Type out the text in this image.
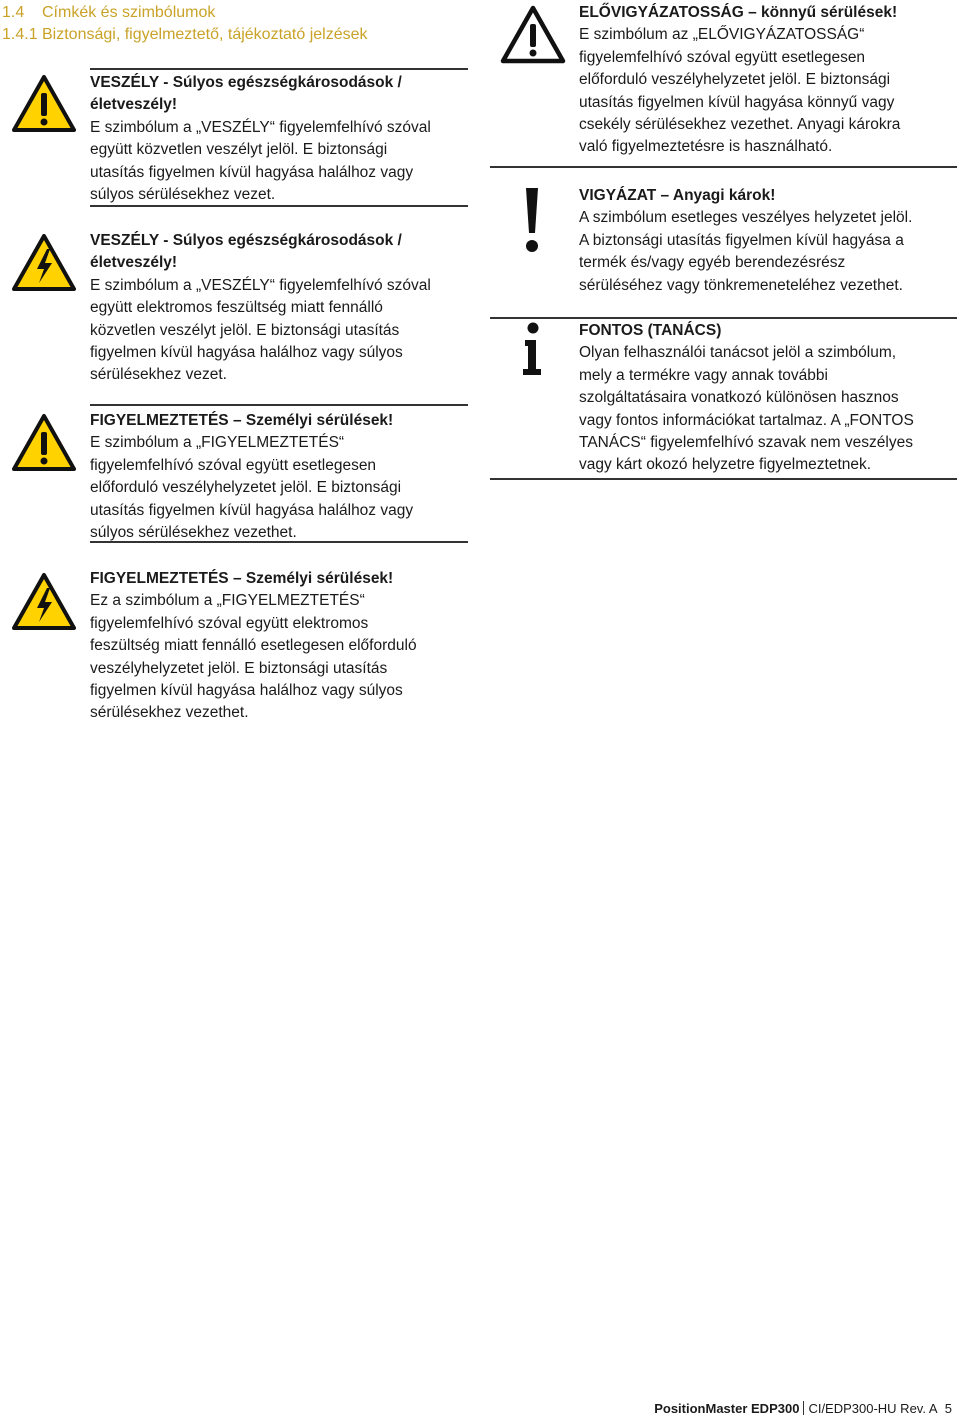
1.4 Címkék és szimbólumok
1.4.1 Biztonsági, figyelmeztető, tájékoztató jelzések
VESZÉLY - Súlyos egészségkárosodások /
életveszély!
E szimbólum a „VESZÉLY“ figyelemfelhívó szóval
együtt közvetlen veszélyt jelöl. E biztonsági
utasítás figyelmen kívül hagyása halálhoz vagy
súlyos sérülésekhez vezet.
VESZÉLY - Súlyos egészségkárosodások /
életveszély!
E szimbólum a „VESZÉLY“ figyelemfelhívó szóval
együtt elektromos feszültség miatt fennálló
közvetlen veszélyt jelöl. E biztonsági utasítás
figyelmen kívül hagyása halálhoz vagy súlyos
sérülésekhez vezet.
FIGYELMEZTETÉS – Személyi sérülések!
E szimbólum a „FIGYELMEZTETÉS“
figyelemfelhívó szóval együtt esetlegesen
előforduló veszélyhelyzetet jelöl. E biztonsági
utasítás figyelmen kívül hagyása halálhoz vagy
súlyos sérülésekhez vezethet.
FIGYELMEZTETÉS – Személyi sérülések!
Ez a szimbólum a „FIGYELMEZTETÉS“
figyelemfelhívó szóval együtt elektromos
feszültség miatt fennálló esetlegesen előforduló
veszélyhelyzetet jelöl. E biztonsági utasítás
figyelmen kívül hagyása halálhoz vagy súlyos
sérülésekhez vezethet.
ELŐVIGYÁZATOSSÁG – könnyű sérülések!
E szimbólum az „ELŐVIGYÁZATOSSÁG“
figyelemfelhívó szóval együtt esetlegesen
előforduló veszélyhelyzetet jelöl. E biztonsági
utasítás figyelmen kívül hagyása könnyű vagy
csekély sérülésekhez vezethet. Anyagi károkra
való figyelmeztetésre is használható.
VIGYÁZAT – Anyagi károk!
A szimbólum esetleges veszélyes helyzetet jelöl.
A biztonsági utasítás figyelmen kívül hagyása a
termék és/vagy egyéb berendezésrész
sérüléséhez vagy tönkremeneteléhez vezethet.
FONTOS (TANÁCS)
Olyan felhasználói tanácsot jelöl a szimbólum,
mely a termékre vagy annak további
szolgáltatásaira vonatkozó különösen hasznos
vagy fontos információkat tartalmaz. A „FONTOS
TANÁCS“ figyelemfelhívó szavak nem veszélyes
vagy kárt okozó helyzetre figyelmeztetnek.
PositionMaster EDP300 CI/EDP300-HU Rev. A 5
